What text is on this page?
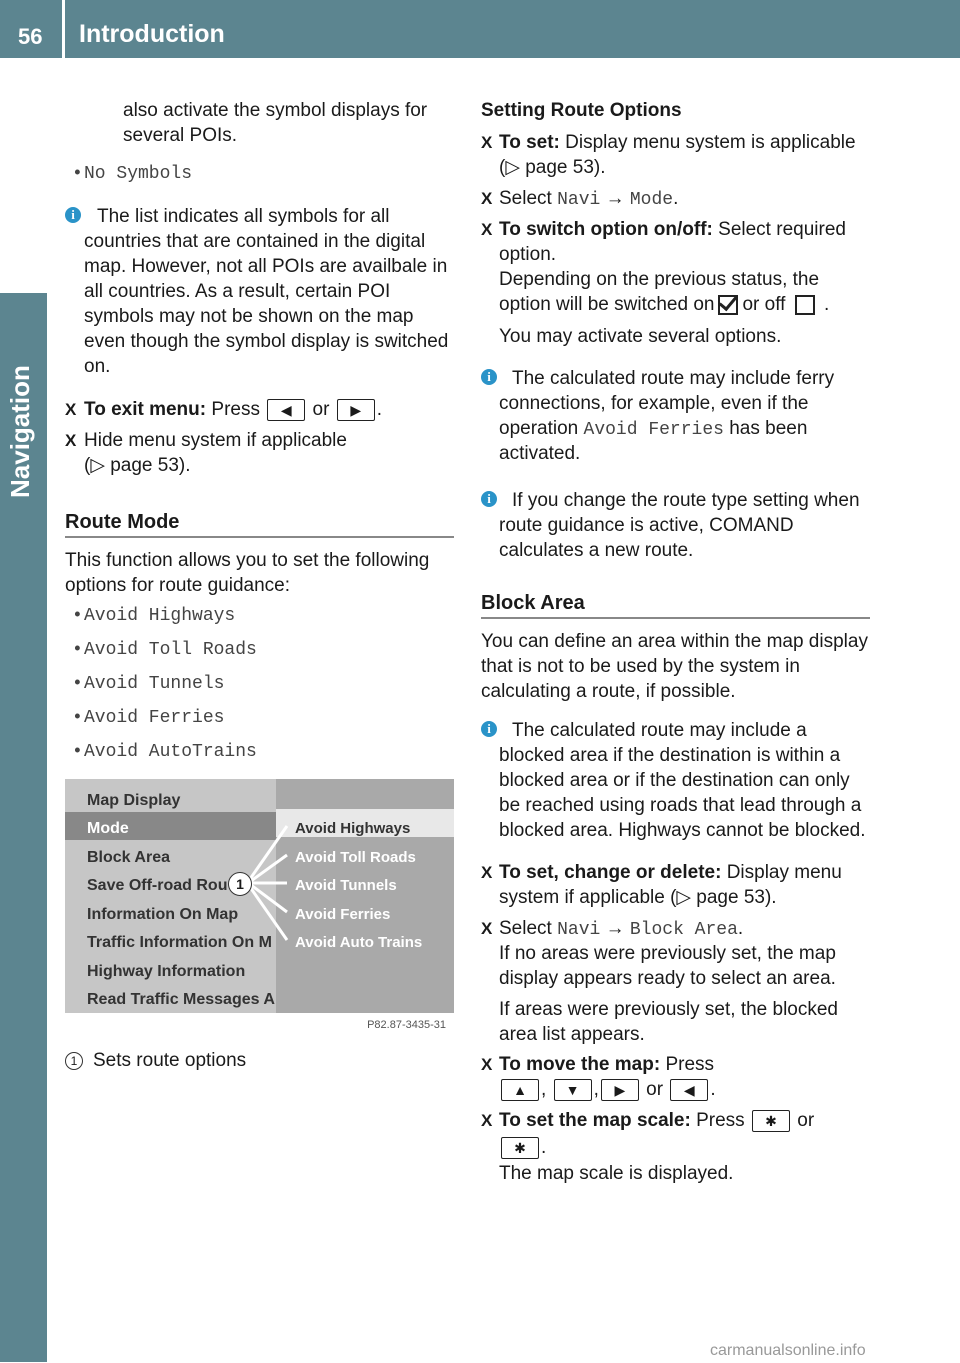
56 Introduction
Navigation
also activate the symbol displays for
several POIs.
• No Symbols
i	The list indicates all symbols for all
countries that are contained in the digital
map. However, not all POIs are availbale in
all countries. As a result, certain POI
symbols may not be shown on the map
even though the symbol display is switched
on.
X To exit menu: Press ◀ or ▶ .
X Hide menu system if applicable
(▷ page 53).
Route Mode
This function allows you to set the following
options for route guidance:
• Avoid Highways
• Avoid Toll Roads
• Avoid Tunnels
• Avoid Ferries
• Avoid AutoTrains
Map Display
Mode
Block Area
Save Off-road Rou
Information On Map
Traffic Information On M
Highway Information
Read Traffic Messages A
Avoid Highways
Avoid Toll Roads
Avoid Tunnels
Avoid Ferries
Avoid Auto Trains
1
P82.87-3435-31
1 Sets route options
Setting Route Options
X To set: Display menu system is applicable
(▷ page 53).
X Select Navi → Mode.
X To switch option on/off: Select required
option.
Depending on the previous status, the
option will be switched on or off  .
You may activate several options.
i	The calculated route may include ferry
connections, for example, even if the
operation Avoid Ferries has been
activated.
i	If you change the route type setting when
route guidance is active, COMAND
calculates a new route.
Block Area
You can define an area within the map display
that is not to be used by the system in
calculating a route, if possible.
i	The calculated route may include a
blocked area if the destination is within a
blocked area or if the destination can only
be reached using roads that lead through a
blocked area. Highways cannot be blocked.
X To set, change or delete: Display menu
system if applicable (▷ page 53).
X Select Navi → Block Area.
If no areas were previously set, the map
display appears ready to select an area.
If areas were previously set, the blocked
area list appears.
X To move the map: Press
▲ , ▼ , ▶ or ◀ .
X To set the map scale: Press ✱ or
✱ .
The map scale is displayed.
carmanualsonline.info
